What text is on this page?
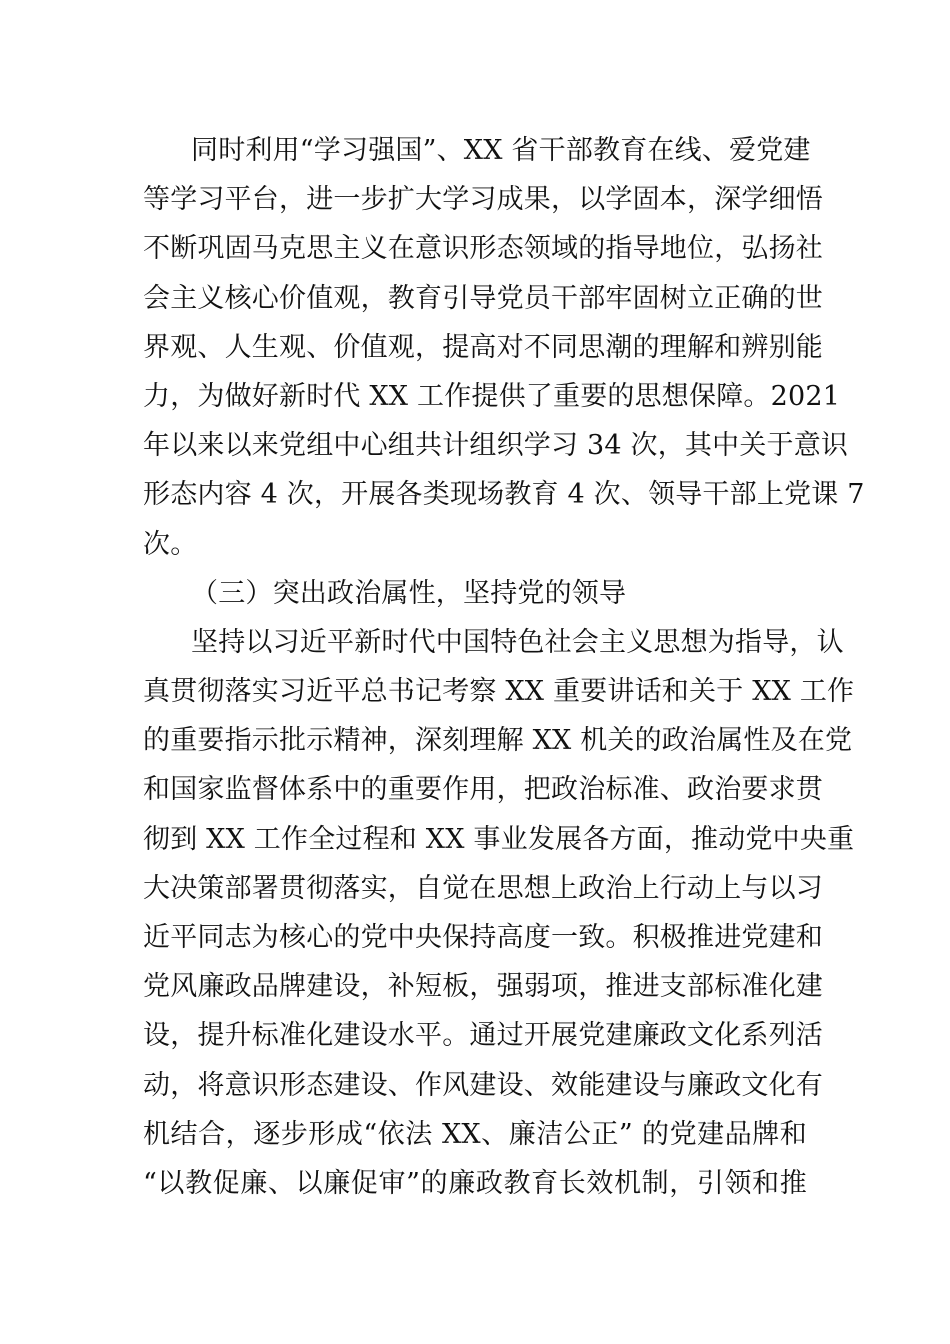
同时利用“学习强国”、XX 省干部教育在线、爱党建
等学习平台，进一步扩大学习成果，以学固本，深学细悟
不断巩固马克思主义在意识形态领域的指导地位，弘扬社
会主义核心价值观，教育引导党员干部牢固树立正确的世
界观、人生观、价值观，提高对不同思潮的理解和辨别能
力，为做好新时代 XX 工作提供了重要的思想保障。2021
年以来以来党组中心组共计组织学习 34 次，其中关于意识
形态内容 4 次，开展各类现场教育 4 次、领导干部上党课 7
次。
（三）突出政治属性，坚持党的领导
坚持以习近平新时代中国特色社会主义思想为指导，认
真贯彻落实习近平总书记考察 XX 重要讲话和关于 XX 工作
的重要指示批示精神，深刻理解 XX 机关的政治属性及在党
和国家监督体系中的重要作用，把政治标准、政治要求贯
彻到 XX 工作全过程和 XX 事业发展各方面，推动党中央重
大决策部署贯彻落实，自觉在思想上政治上行动上与以习
近平同志为核心的党中央保持高度一致。积极推进党建和
党风廉政品牌建设，补短板，强弱项，推进支部标准化建
设，提升标准化建设水平。通过开展党建廉政文化系列活
动，将意识形态建设、作风建设、效能建设与廉政文化有
机结合，逐步形成“依法 XX、廉洁公正” 的党建品牌和
“以教促廉、以廉促审”的廉政教育长效机制，引领和推
